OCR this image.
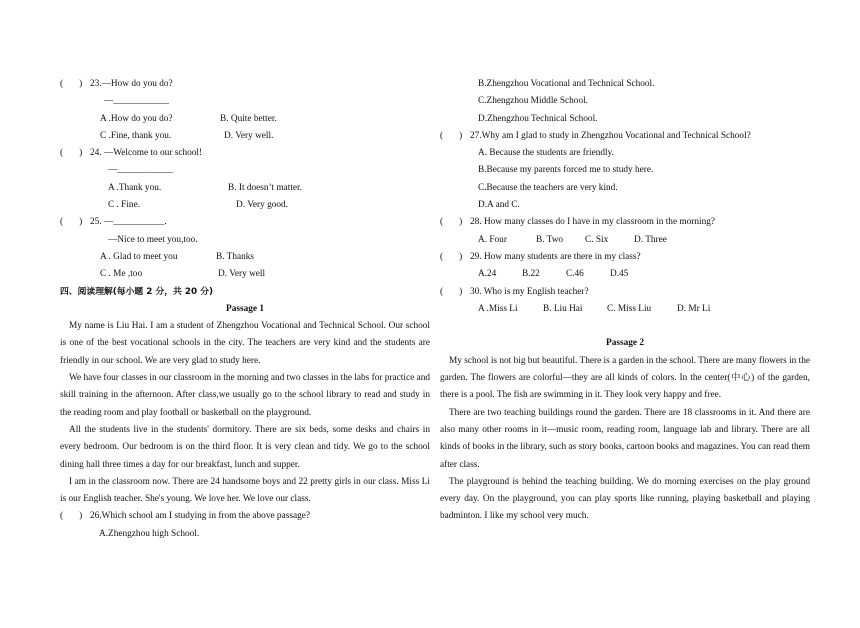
( ) 23.—How do you do?
—____________
A .How do you do?	B. Quite better.
C .Fine, thank you.	D. Very well.
( ) 24. —Welcome to our school!
—____________
A .Thank you.	B. It doesn’t matter.
C . Fine.	D. Very good.
( ) 25. —___________.
—Nice to meet you,too.
A . Glad to meet you	B. Thanks
C . Me ,too	D. Very well
四、阅读理解(每小题 2 分，共 20 分)
Passage 1

My name is Liu Hai. I am a student of Zhengzhou Vocational and Technical School. Our school is one of the best vocational schools in the city. The teachers are very kind and the students are friendly in our school. We are very glad to study here.

We have four classes in our classroom in the morning and two classes in the labs for practice and skill training in the afternoon. After class,we usually go to the school library to read and study in the reading room and play football or basketball on the playground.

All the students live in the students' dormitory. There are six beds, some desks and chairs in every bedroom. Our bedroom is on the third floor. It is very clean and tidy. We go to the school dining hall three times a day for our breakfast, lunch and supper.

I am in the classroom now. There are 24 handsome boys and 22 pretty girls in our class. Miss Li is our English teacher. She's young. We love her. We love our class.

( ) 26.Which school am I studying in from the above passage?
A.Zhengzhou high School.
B.Zhengzhou Vocational and Technical School.
C.Zhengzhou Middle School.
D.Zhengzhou Technical School.
( ) 27.Why am I glad to study in Zhengzhou Vocational and Technical School?
A. Because the students are friendly.
B.Because my parents forced me to study here.
C.Because the teachers are very kind.
D.A and C.
( ) 28. How many classes do I have in my classroom in the morning?
A. Four	B. Two C. Six	D. Three
( ) 29. How many students are there in my class?
A.24	B.22	C.46	D.45
( ) 30. Who is my English teacher?
A .Miss Li	B. Liu Hai	C. Miss Liu	D. Mr Li
Passage 2

My school is not big but beautiful. There is a garden in the school. There are many flowers in the garden. The flowers are colorful—they are all kinds of colors. In the center(中心) of the garden, there is a pool. The fish are swimming in it. They look very happy and free.

There are two teaching buildings round the garden. There are 18 classrooms in it. And there are also many other rooms in it—music room, reading room, language lab and library. There are all kinds of books in the library, such as story books, cartoon books and magazines. You can read them after class.

The playground is behind the teaching building. We do morning exercises on the play ground every day. On the playground, you can play sports like running, playing basketball and playing badminton. I like my school very much.
